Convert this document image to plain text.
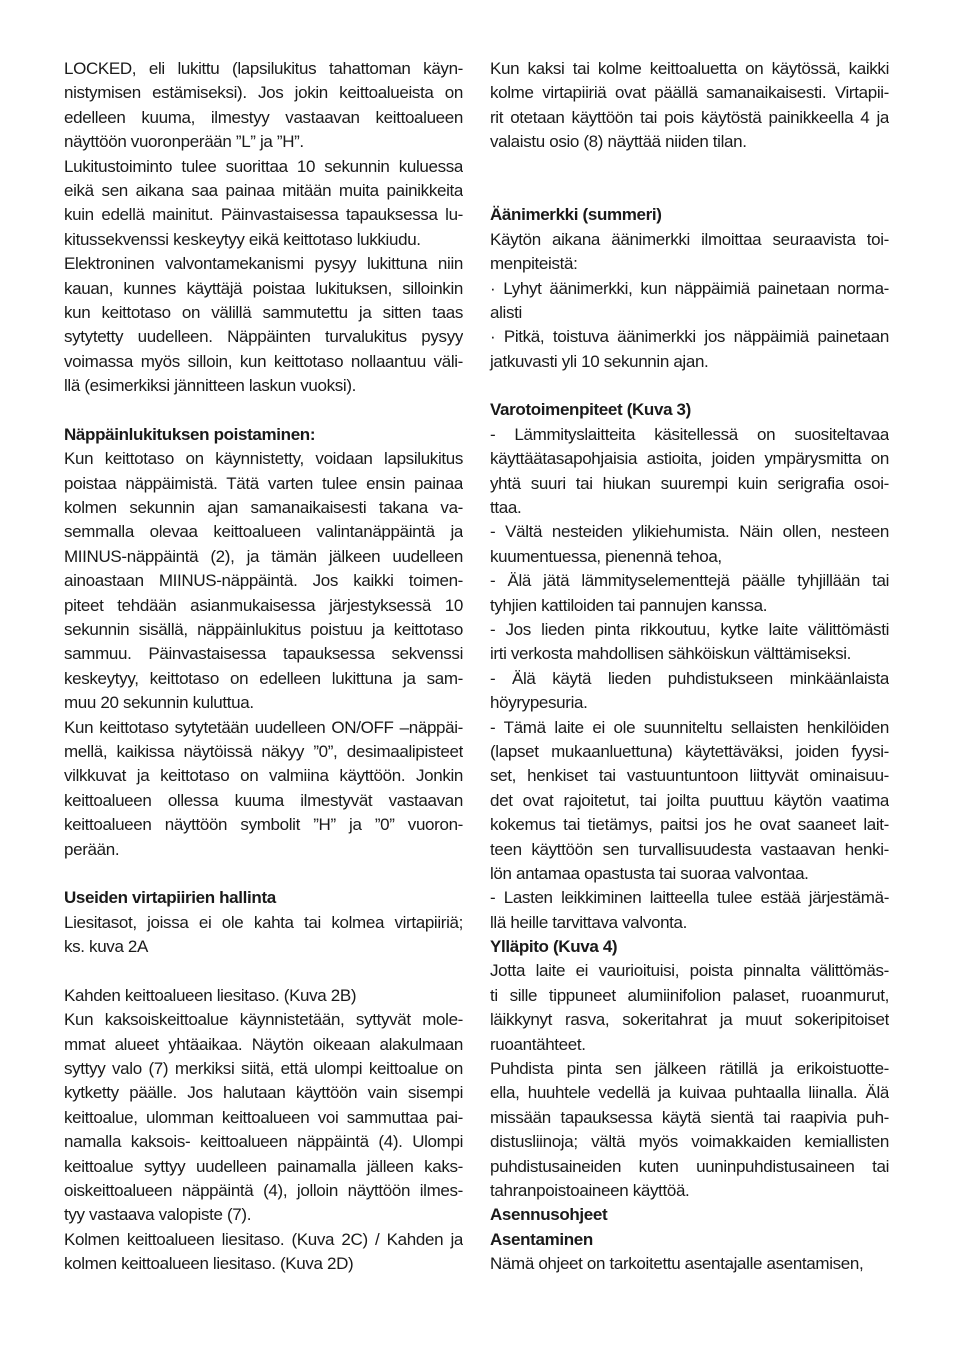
LOCKED, eli lukittu (lapsilukitus tahattoman käyn-
nistymisen estämiseksi). Jos jokin keittoalueista on
edelleen kuuma, ilmestyy vastaavan keittoalueen
näyttöön vuoronperään ”L” ja ”H”.
Lukitustoiminto tulee suorittaa 10 sekunnin kuluessa
eikä sen aikana saa painaa mitään muita painikkeita
kuin edellä mainitut. Päinvastaisessa tapauksessa lu-
kitussekvenssi keskeytyy eikä keittotaso lukkiudu.
Elektroninen valvontamekanismi pysyy lukittuna niin
kauan, kunnes käyttäjä poistaa lukituksen, silloinkin
kun keittotaso on välillä sammutettu ja sitten taas
sytytetty uudelleen. Näppäinten turvalukitus pysyy
voimassa myös silloin, kun keittotaso nollaantuu väli-
llä (esimerkiksi jännitteen laskun vuoksi).
Näppäinlukituksen poistaminen:
Kun keittotaso on käynnistetty, voidaan lapsilukitus
poistaa näppäimistä. Tätä varten tulee ensin painaa
kolmen sekunnin ajan samanaikaisesti takana va-
semmalla olevaa keittoalueen valintanäppäintä ja
MIINUS-näppäintä (2), ja tämän jälkeen uudelleen
ainoastaan MIINUS-näppäintä. Jos kaikki toimen-
piteet tehdään asianmukaisessa järjestyksessä 10
sekunnin sisällä, näppäinlukitus poistuu ja keittotaso
sammuu. Päinvastaisessa tapauksessa sekvenssi
keskeytyy, keittotaso on edelleen lukittuna ja sam-
muu 20 sekunnin kuluttua.
Kun keittotaso sytytetään uudelleen ON/OFF –näppäi-
mellä, kaikissa näytöissä näkyy ”0”, desimaalipisteet
vilkkuvat ja keittotaso on valmiina käyttöön. Jonkin
keittoalueen ollessa kuuma ilmestyvät vastaavan
keittoalueen näyttöön symbolit ”H” ja ”0” vuoron-
perään.
Useiden virtapiirien hallinta
Liesitasot, joissa ei ole kahta tai kolmea virtapiiriä;
ks. kuva 2A
Kahden keittoalueen liesitaso. (Kuva 2B)
Kun kaksoiskeittoalue käynnistetään, syttyvät mole-
mmat alueet yhtäaikaa. Näytön oikeaan alakulmaan
syttyy valo (7) merkiksi siitä, että ulompi keittoalue on
kytketty päälle. Jos halutaan käyttöön vain sisempi
keittoalue, ulomman keittoalueen voi sammuttaa pai-
namalla kaksois- keittoalueen näppäintä (4). Ulompi
keittoalue syttyy uudelleen painamalla jälleen kaks-
oiskeittoalueen näppäintä (4), jolloin näyttöön ilmes-
tyy vastaava valopiste (7).
Kolmen keittoalueen liesitaso. (Kuva 2C) / Kahden ja
kolmen keittoalueen liesitaso. (Kuva 2D)
Kun kaksi tai kolme keittoaluetta on käytössä, kaikki
kolme virtapiiriä ovat päällä samanaikaisesti. Virtapii-
rit otetaan käyttöön tai pois käytöstä painikkeella 4 ja
valaistu osio (8) näyttää niiden tilan.
Äänimerkki (summeri)
Käytön aikana äänimerkki ilmoittaa seuraavista toi-
menpiteistä:
· Lyhyt äänimerkki, kun näppäimiä painetaan norma-
alisti
· Pitkä, toistuva äänimerkki jos näppäimiä painetaan
jatkuvasti yli 10 sekunnin ajan.
Varotoimenpiteet (Kuva 3)
- Lämmityslaitteita käsitellessä on suositeltavaa
käyttäätasapohjaisia astioita, joiden ympärysmitta on
yhtä suuri tai hiukan suurempi kuin serigrafia osoi-
ttaa.
- Vältä nesteiden ylikiehumista. Näin ollen, nesteen
kuumentuessa, pienennä tehoa,
- Älä jätä lämmityselementtejä päälle tyhjillään tai
tyhjien kattiloiden tai pannujen kanssa.
- Jos lieden pinta rikkoutuu, kytke laite välittömästi
irti verkosta mahdollisen sähköiskun välttämiseksi.
- Älä käytä lieden puhdistukseen minkäänlaista
höyrypesuria.
- Tämä laite ei ole suunniteltu sellaisten henkilöiden
(lapset mukaanluettuna) käytettäväksi, joiden fyysi-
set, henkiset tai vastuuntuntoon liittyvät ominaisuu-
det ovat rajoitetut, tai joilta puuttuu käytön vaatima
kokemus tai tietämys, paitsi jos he ovat saaneet lait-
teen käyttöön sen turvallisuudesta vastaavan henki-
lön antamaa opastusta tai suoraa valvontaa.
- Lasten leikkiminen laitteella tulee estää järjestämä-
llä heille tarvittava valvonta.
Ylläpito (Kuva 4)
Jotta laite ei vaurioituisi, poista pinnalta välittömäs-
ti sille tippuneet alumiinifolion palaset, ruoanmurut,
läikkynyt rasva, sokeritahrat ja muut sokeripitoiset
ruoantähteet.
Puhdista pinta sen jälkeen rätillä ja erikoistuotte-
ella, huuhtele vedellä ja kuivaa puhtaalla liinalla. Älä
missään tapauksessa käytä sientä tai raapivia puh-
distusliinoja; vältä myös voimakkaiden kemiallisten
puhdistusaineiden kuten uuninpuhdistusaineen tai
tahranpoistoaineen käyttöä.
Asennusohjeet
Asentaminen
Nämä ohjeet on tarkoitettu asentajalle asentamisen,
